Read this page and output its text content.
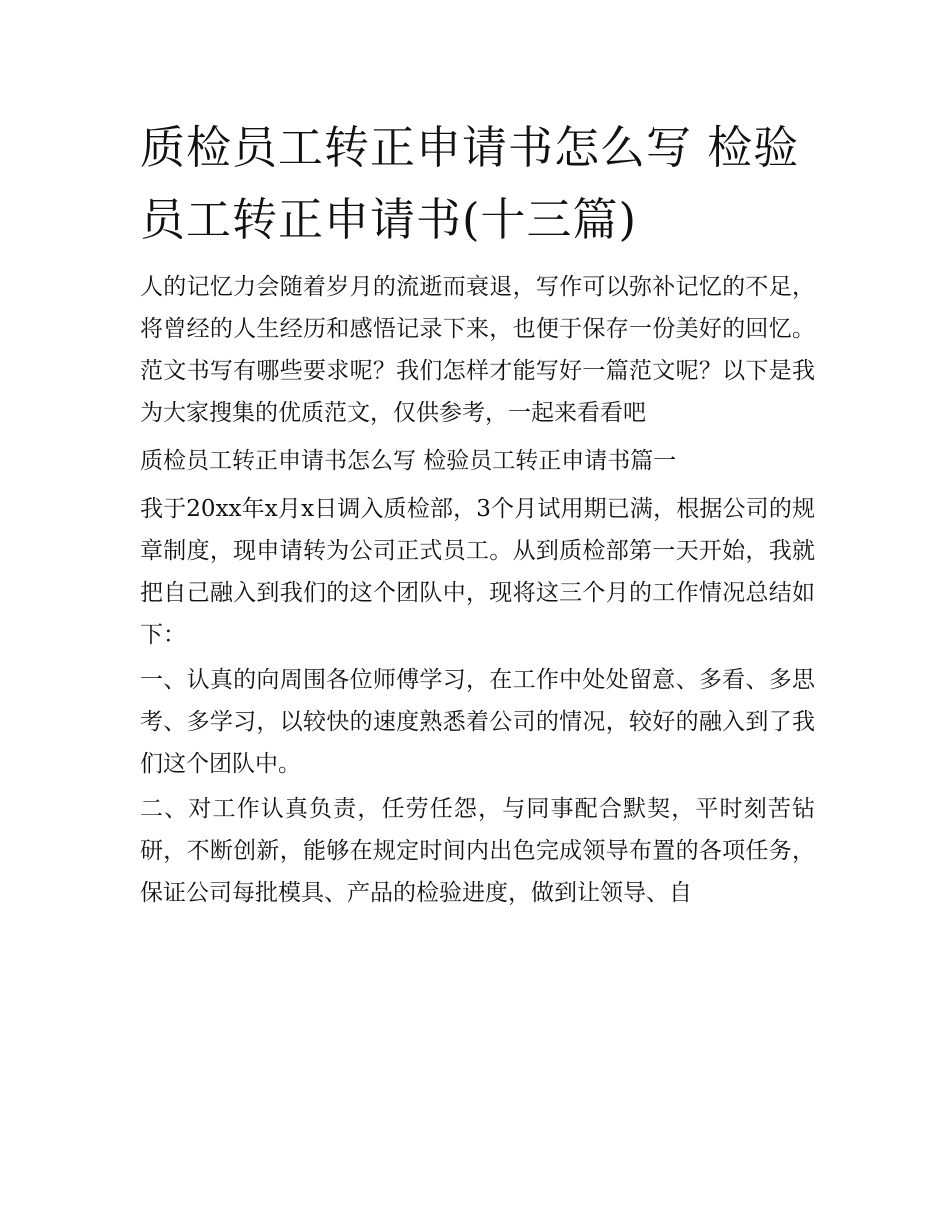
质检员工转正申请书怎么写 检验员工转正申请书(十三篇)

人的记忆力会随着岁月的流逝而衰退，写作可以弥补记忆的不足，将曾经的人生经历和感悟记录下来，也便于保存一份美好的回忆。范文书写有哪些要求呢？我们怎样才能写好一篇范文呢？以下是我为大家搜集的优质范文，仅供参考，一起来看看吧

质检员工转正申请书怎么写 检验员工转正申请书篇一

我于20xx年x月x日调入质检部，3个月试用期已满，根据公司的规章制度，现申请转为公司正式员工。从到质检部第一天开始，我就把自己融入到我们的这个团队中，现将这三个月的工作情况总结如下：

一、认真的向周围各位师傅学习，在工作中处处留意、多看、多思考、多学习，以较快的速度熟悉着公司的情况，较好的融入到了我们这个团队中。

二、对工作认真负责，任劳任怨，与同事配合默契，平时刻苦钻研，不断创新，能够在规定时间内出色完成领导布置的各项任务，保证公司每批模具、产品的检验进度，做到让领导、自
